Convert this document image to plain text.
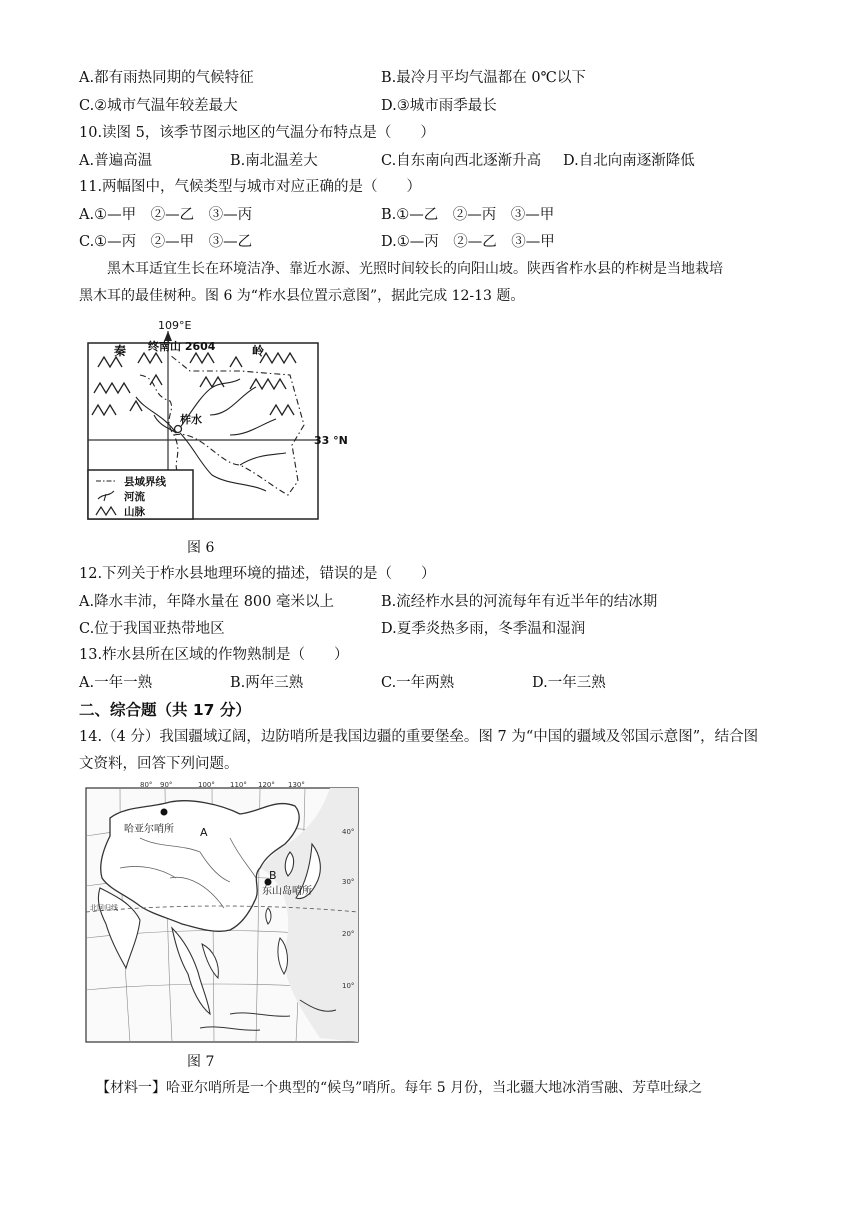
A.都有雨热同期的气候特征	B.最冷月平均气温都在 0℃以下
C.②城市气温年较差最大	D.③城市雨季最长
10.读图 5，该季节图示地区的气温分布特点是（　　）
A.普遍高温	B.南北温差大	C.自东南向西北逐渐升高 D.自北向南逐渐降低
11.两幅图中，气候类型与城市对应正确的是（　　）
A.①—甲　②—乙　③—丙	B.①—乙　②—丙　③—甲
C.①—丙　②—甲　③—乙	D.①—丙　②—乙　③—甲
黑木耳适宜生长在环境洁净、靠近水源、光照时间较长的向阳山坡。陕西省柞水县的柞树是当地栽培
黑木耳的最佳树种。图 6 为“柞水县位置示意图”，据此完成 12-13 题。
109°E
终南山 2604
秦	岭
柞水
33 °N
县域界线
河流
山脉
图 6
12.下列关于柞水县地理环境的描述，错误的是（　　）
A.降水丰沛，年降水量在 800 毫米以上	B.流经柞水县的河流每年有近半年的结冰期
C.位于我国亚热带地区	D.夏季炎热多雨，冬季温和湿润
13.柞水县所在区域的作物熟制是（　　）
A.一年一熟	B.两年三熟	C.一年两熟	D.一年三熟
二、综合题（共 17 分）
14.（4 分）我国疆域辽阔，边防哨所是我国边疆的重要堡垒。图 7 为“中国的疆域及邻国示意图”，结合图
文资料，回答下列问题。
80° 90°	100° 110° 120° 130°
40°
30°
20°
10°
哈亚尔哨所 A
B
东山岛哨所
北回归线
图 7
【材料一】哈亚尔哨所是一个典型的“候鸟”哨所。每年 5 月份，当北疆大地冰消雪融、芳草吐绿之
